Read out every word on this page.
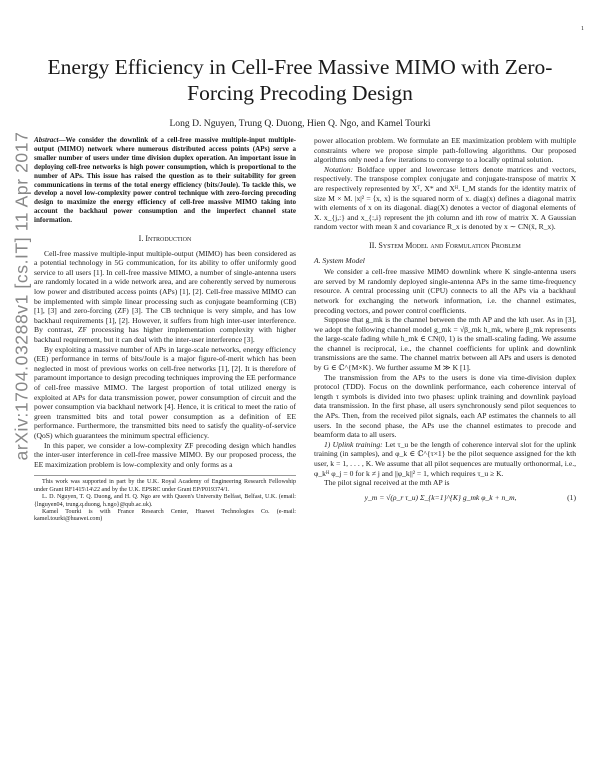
1
arXiv:1704.03288v1 [cs.IT] 11 Apr 2017
Energy Efficiency in Cell-Free Massive MIMO with Zero-Forcing Precoding Design
Long D. Nguyen, Trung Q. Duong, Hien Q. Ngo, and Kamel Tourki
Abstract—We consider the downlink of a cell-free massive multiple-input multiple-output (MIMO) network where numerous distributed access points (APs) serve a smaller number of users under time division duplex operation. An important issue in deploying cell-free networks is high power consumption, which is proportional to the number of APs. This issue has raised the question as to their suitability for green communications in terms of the total energy efficiency (bits/Joule). To tackle this, we develop a novel low-complexity power control technique with zero-forcing precoding design to maximize the energy efficiency of cell-free massive MIMO taking into account the backhaul power consumption and the imperfect channel state information.
I. Introduction

Cell-free massive multiple-input multiple-output (MIMO) has been considered as a potential technology in 5G communication, for its ability to offer uniformly good service to all users [1]. In cell-free massive MIMO, a number of single-antenna users are randomly located in a wide network area, and are coherently served by numerous low power and distributed access points (APs) [1], [2]. Cell-free massive MIMO can be implemented with simple linear processing such as conjugate beamforming (CB) [1], [3] and zero-forcing (ZF) [3]. The CB technique is very simple, and has low backhaul requirements [1], [2]. However, it suffers from high inter-user interference. By contrast, ZF processing has higher implementation complexity with higher backhaul requirement, but it can deal with the inter-user interference [3].

By exploiting a massive number of APs in large-scale networks, energy efficiency (EE) performance in terms of bits/Joule is a major figure-of-merit which has been neglected in most of previous works on cell-free networks [1], [2]. It is therefore of paramount importance to design precoding techniques improving the EE performance of cell-free massive MIMO. The largest proportion of total utilized energy is exploited at APs for data transmission power, power consumption of circuit and the power consumption via backhaul network [4]. Hence, it is critical to meet the ratio of green transmitted bits and total power consumption as a definition of EE performance. Furthermore, the transmitted bits need to satisfy the quality-of-service (QoS) which guarantees the minimum spectral efficiency.

In this paper, we consider a low-complexity ZF precoding design which handles the inter-user interference in cell-free massive MIMO. By our proposed process, the EE maximization problem is low-complexity and only forms as a

This work was supported in part by the U.K. Royal Academy of Engineering Research Fellowship under Grant RF1415\14\22 and by the U.K. EPSRC under Grant EP/P019374/1.
L. D. Nguyen, T. Q. Duong, and H. Q. Ngo are with Queen's University Belfast, Belfast, U.K. (email: {lnguyen04, trung.q.duong, h.ngo}@qub.ac.uk).
Kamel Tourki is with France Research Center, Huawei Technologies Co. (e-mail: kamel.tourki@huawei.com)

power allocation problem. We formulate an EE maximization problem with multiple constraints where we propose simple path-following algorithms. Our proposed algorithms only need a few iterations to converge to a locally optimal solution.

Notation: Boldface upper and lowercase letters denote matrices and vectors, respectively. The transpose complex conjugate and conjugate-transpose of matrix X are respectively represented by Xᵀ, X* and Xᴴ. I_M stands for the identity matrix of size M × M. |x|² = ⟨x, x⟩ is the squared norm of x. diag(x) defines a diagonal matrix with elements of x on its diagonal. diag(X) denotes a vector of diagonal elements of X. x_{j,:} and x_{:,i} represent the jth column and ith row of matrix X. A Gaussian random vector with mean x̄ and covariance R_x is denoted by x ∼ CN(x̄, R_x).

II. System Model and Formulation Problem
A. System Model

We consider a cell-free massive MIMO downlink where K single-antenna users are served by M randomly deployed single-antenna APs in the same time-frequency resource. A central processing unit (CPU) connects to all the APs via a backhaul network for exchanging the network information, i.e. the channel estimates, precoding vectors, and power control coefficients.

Suppose that g_mk is the channel between the mth AP and the kth user. As in [3], we adopt the following channel model g_mk = √β_mk h_mk, where β_mk represents the large-scale fading while h_mk ∈ CN(0, 1) is the small-scaling fading. We assume the channel is reciprocal, i.e., the channel coefficients for uplink and downlink transmissions are the same. The channel matrix between all APs and users is denoted by G ∈ ℂ^{M×K}. We further assume M ≫ K [1].

The transmission from the APs to the users is done via time-division duplex protocol (TDD). Focus on the downlink performance, each coherence interval of length τ symbols is divided into two phases: uplink training and downlink payload data transmission. In the first phase, all users synchronously send pilot sequences to the APs. Then, from the received pilot signals, each AP estimates the channels to all users. In the second phase, the APs use the channel estimates to precode and beamform data to all users.

1) Uplink training: Let τ_u be the length of coherence interval slot for the uplink training (in samples), and φ_k ∈ ℂ^{τ×1} be the pilot sequence assigned for the kth user, k = 1, . . . , K. We assume that all pilot sequences are mutually orthonormal, i.e., φ_kᴴ φ_j = 0 for k ≠ j and ||φ_k||² = 1, which requires τ_u ≥ K.

The pilot signal received at the mth AP is

y_m = √(ρ_r τ_u) Σ_{k=1}^{K} g_mk φ_k + n_m,	(1)
